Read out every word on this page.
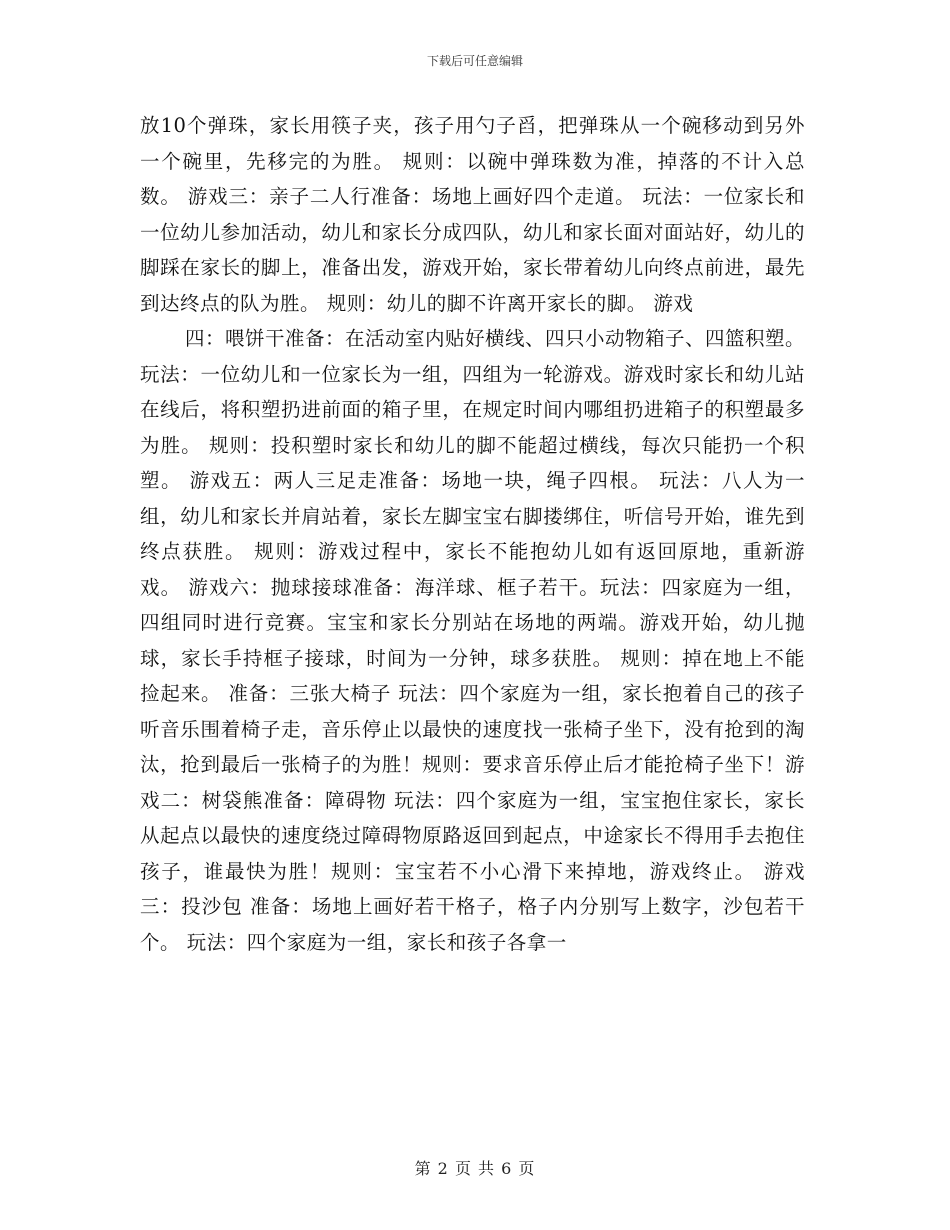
下载后可任意编辑

放10个弹珠，家长用筷子夹，孩子用勺子舀，把弹珠从一个碗移动到另外一个碗里，先移完的为胜。 规则：以碗中弹珠数为准，掉落的不计入总数。 游戏三：亲子二人行准备：场地上画好四个走道。 玩法：一位家长和一位幼儿参加活动，幼儿和家长分成四队，幼儿和家长面对面站好，幼儿的脚踩在家长的脚上，准备出发，游戏开始，家长带着幼儿向终点前进，最先到达终点的队为胜。 规则：幼儿的脚不许离开家长的脚。 游戏

四：喂饼干准备：在活动室内贴好横线、四只小动物箱子、四篮积塑。 玩法：一位幼儿和一位家长为一组，四组为一轮游戏。游戏时家长和幼儿站在线后，将积塑扔进前面的箱子里，在规定时间内哪组扔进箱子的积塑最多为胜。 规则：投积塑时家长和幼儿的脚不能超过横线，每次只能扔一个积塑。 游戏五：两人三足走准备：场地一块，绳子四根。 玩法：八人为一组，幼儿和家长并肩站着，家长左脚宝宝右脚搂绑住，听信号开始，谁先到终点获胜。 规则：游戏过程中，家长不能抱幼儿如有返回原地，重新游戏。 游戏六：抛球接球准备：海洋球、框子若干。玩法：四家庭为一组，四组同时进行竞赛。宝宝和家长分别站在场地的两端。游戏开始，幼儿抛球，家长手持框子接球，时间为一分钟，球多获胜。 规则：掉在地上不能捡起来。 准备：三张大椅子 玩法：四个家庭为一组，家长抱着自己的孩子听音乐围着椅子走，音乐停止以最快的速度找一张椅子坐下，没有抢到的淘汰，抢到最后一张椅子的为胜！规则：要求音乐停止后才能抢椅子坐下！游戏二：树袋熊准备：障碍物 玩法：四个家庭为一组，宝宝抱住家长，家长从起点以最快的速度绕过障碍物原路返回到起点，中途家长不得用手去抱住孩子，谁最快为胜！规则：宝宝若不小心滑下来掉地，游戏终止。 游戏三：投沙包 准备：场地上画好若干格子，格子内分别写上数字，沙包若干个。 玩法：四个家庭为一组，家长和孩子各拿一

第 2 页 共 6 页
